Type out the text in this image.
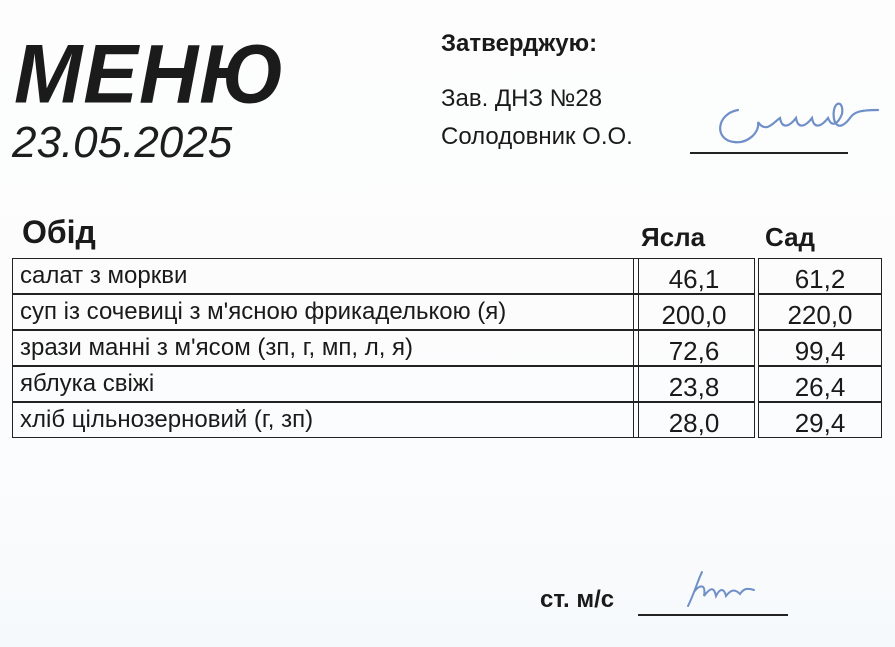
МЕНЮ
23.05.2025
Затверджую:
Зав. ДНЗ №28
Солодовник О.О.
Обід	Ясла Сад
салат з моркви	46,1	61,2
суп із сочевиці з м'ясною фрикаделькою (я)	200,0	220,0
зрази манні з м'ясом (зп, г, мп, л, я)	72,6	99,4
яблука свіжі	23,8	26,4
хліб цільнозерновий (г, зп)	28,0	29,4
ст. м/с
